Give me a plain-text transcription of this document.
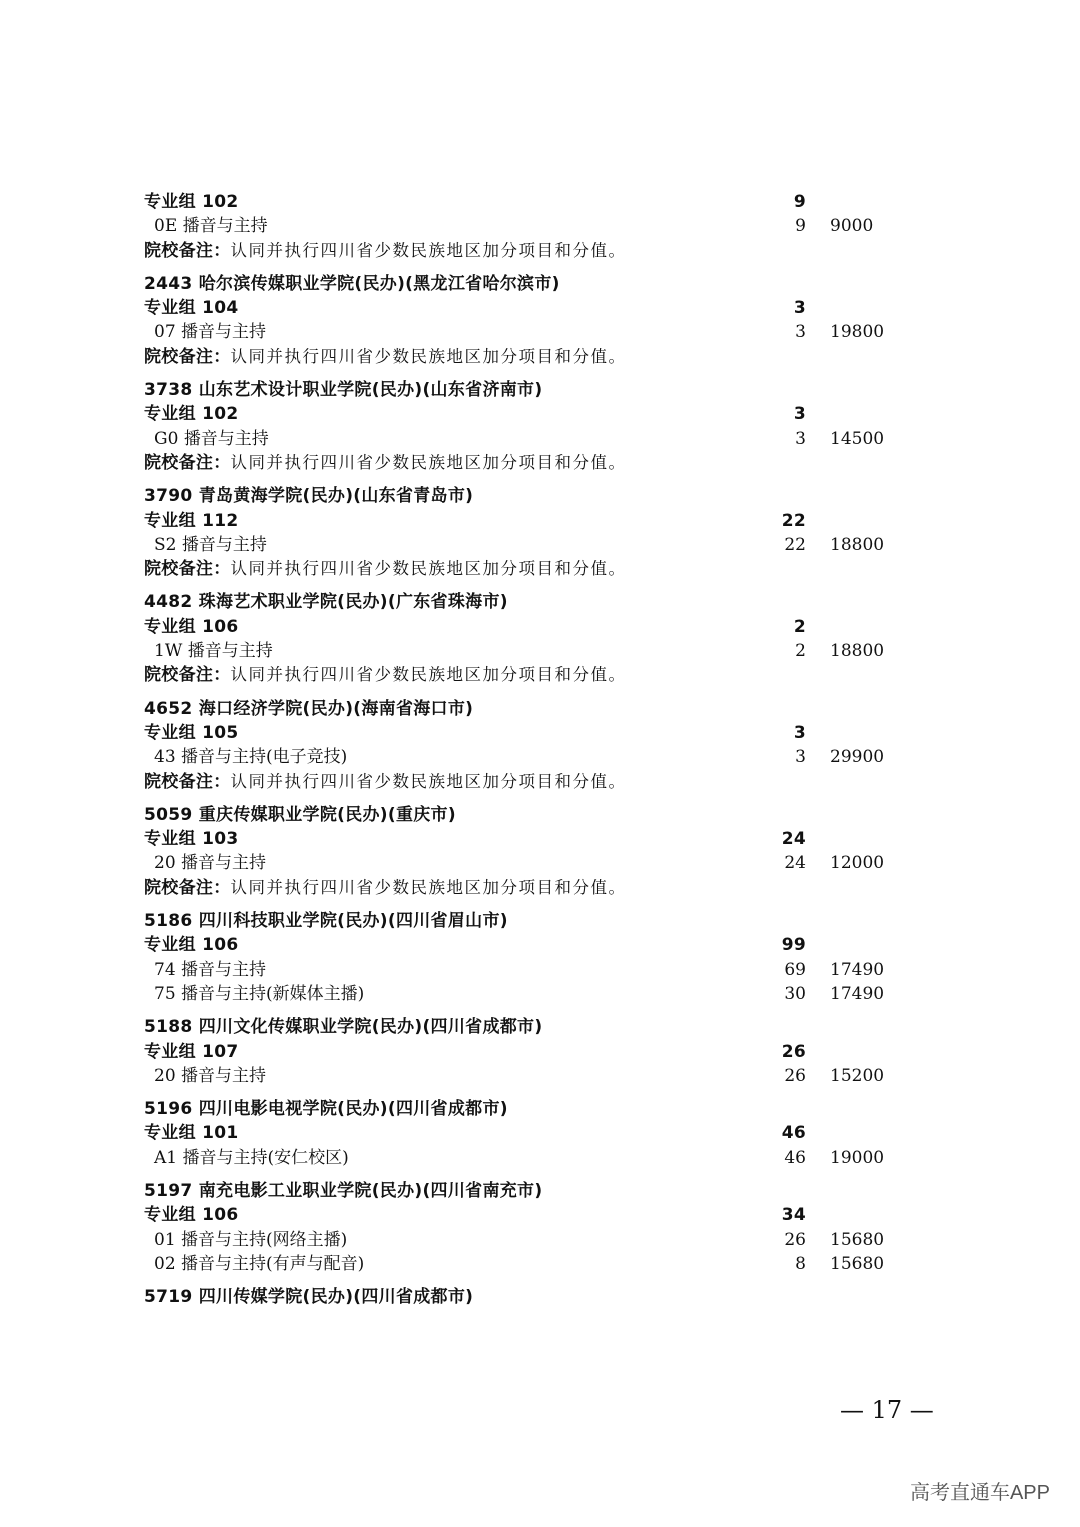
专业组 102	9
0E 播音与主持	9 9000
院校备注：认同并执行四川省少数民族地区加分项目和分值。
2443 哈尔滨传媒职业学院(民办)(黑龙江省哈尔滨市)
专业组 104	3
07 播音与主持	3 19800
院校备注：认同并执行四川省少数民族地区加分项目和分值。
3738 山东艺术设计职业学院(民办)(山东省济南市)
专业组 102	3
G0 播音与主持	3 14500
院校备注：认同并执行四川省少数民族地区加分项目和分值。
3790 青岛黄海学院(民办)(山东省青岛市)
专业组 112	22
S2 播音与主持	22 18800
院校备注：认同并执行四川省少数民族地区加分项目和分值。
4482 珠海艺术职业学院(民办)(广东省珠海市)
专业组 106	2
1W 播音与主持	2 18800
院校备注：认同并执行四川省少数民族地区加分项目和分值。
4652 海口经济学院(民办)(海南省海口市)
专业组 105	3
43 播音与主持(电子竞技)	3 29900
院校备注：认同并执行四川省少数民族地区加分项目和分值。
5059 重庆传媒职业学院(民办)(重庆市)
专业组 103	24
20 播音与主持	24 12000
院校备注：认同并执行四川省少数民族地区加分项目和分值。
5186 四川科技职业学院(民办)(四川省眉山市)
专业组 106	99
74 播音与主持	69 17490
75 播音与主持(新媒体主播)	30 17490
5188 四川文化传媒职业学院(民办)(四川省成都市)
专业组 107	26
20 播音与主持	26 15200
5196 四川电影电视学院(民办)(四川省成都市)
专业组 101	46
A1 播音与主持(安仁校区)	46 19000
5197 南充电影工业职业学院(民办)(四川省南充市)
专业组 106	34
01 播音与主持(网络主播)	26 15680
02 播音与主持(有声与配音)	8 15680
5719 四川传媒学院(民办)(四川省成都市)
— 17 —
高考直通车APP
